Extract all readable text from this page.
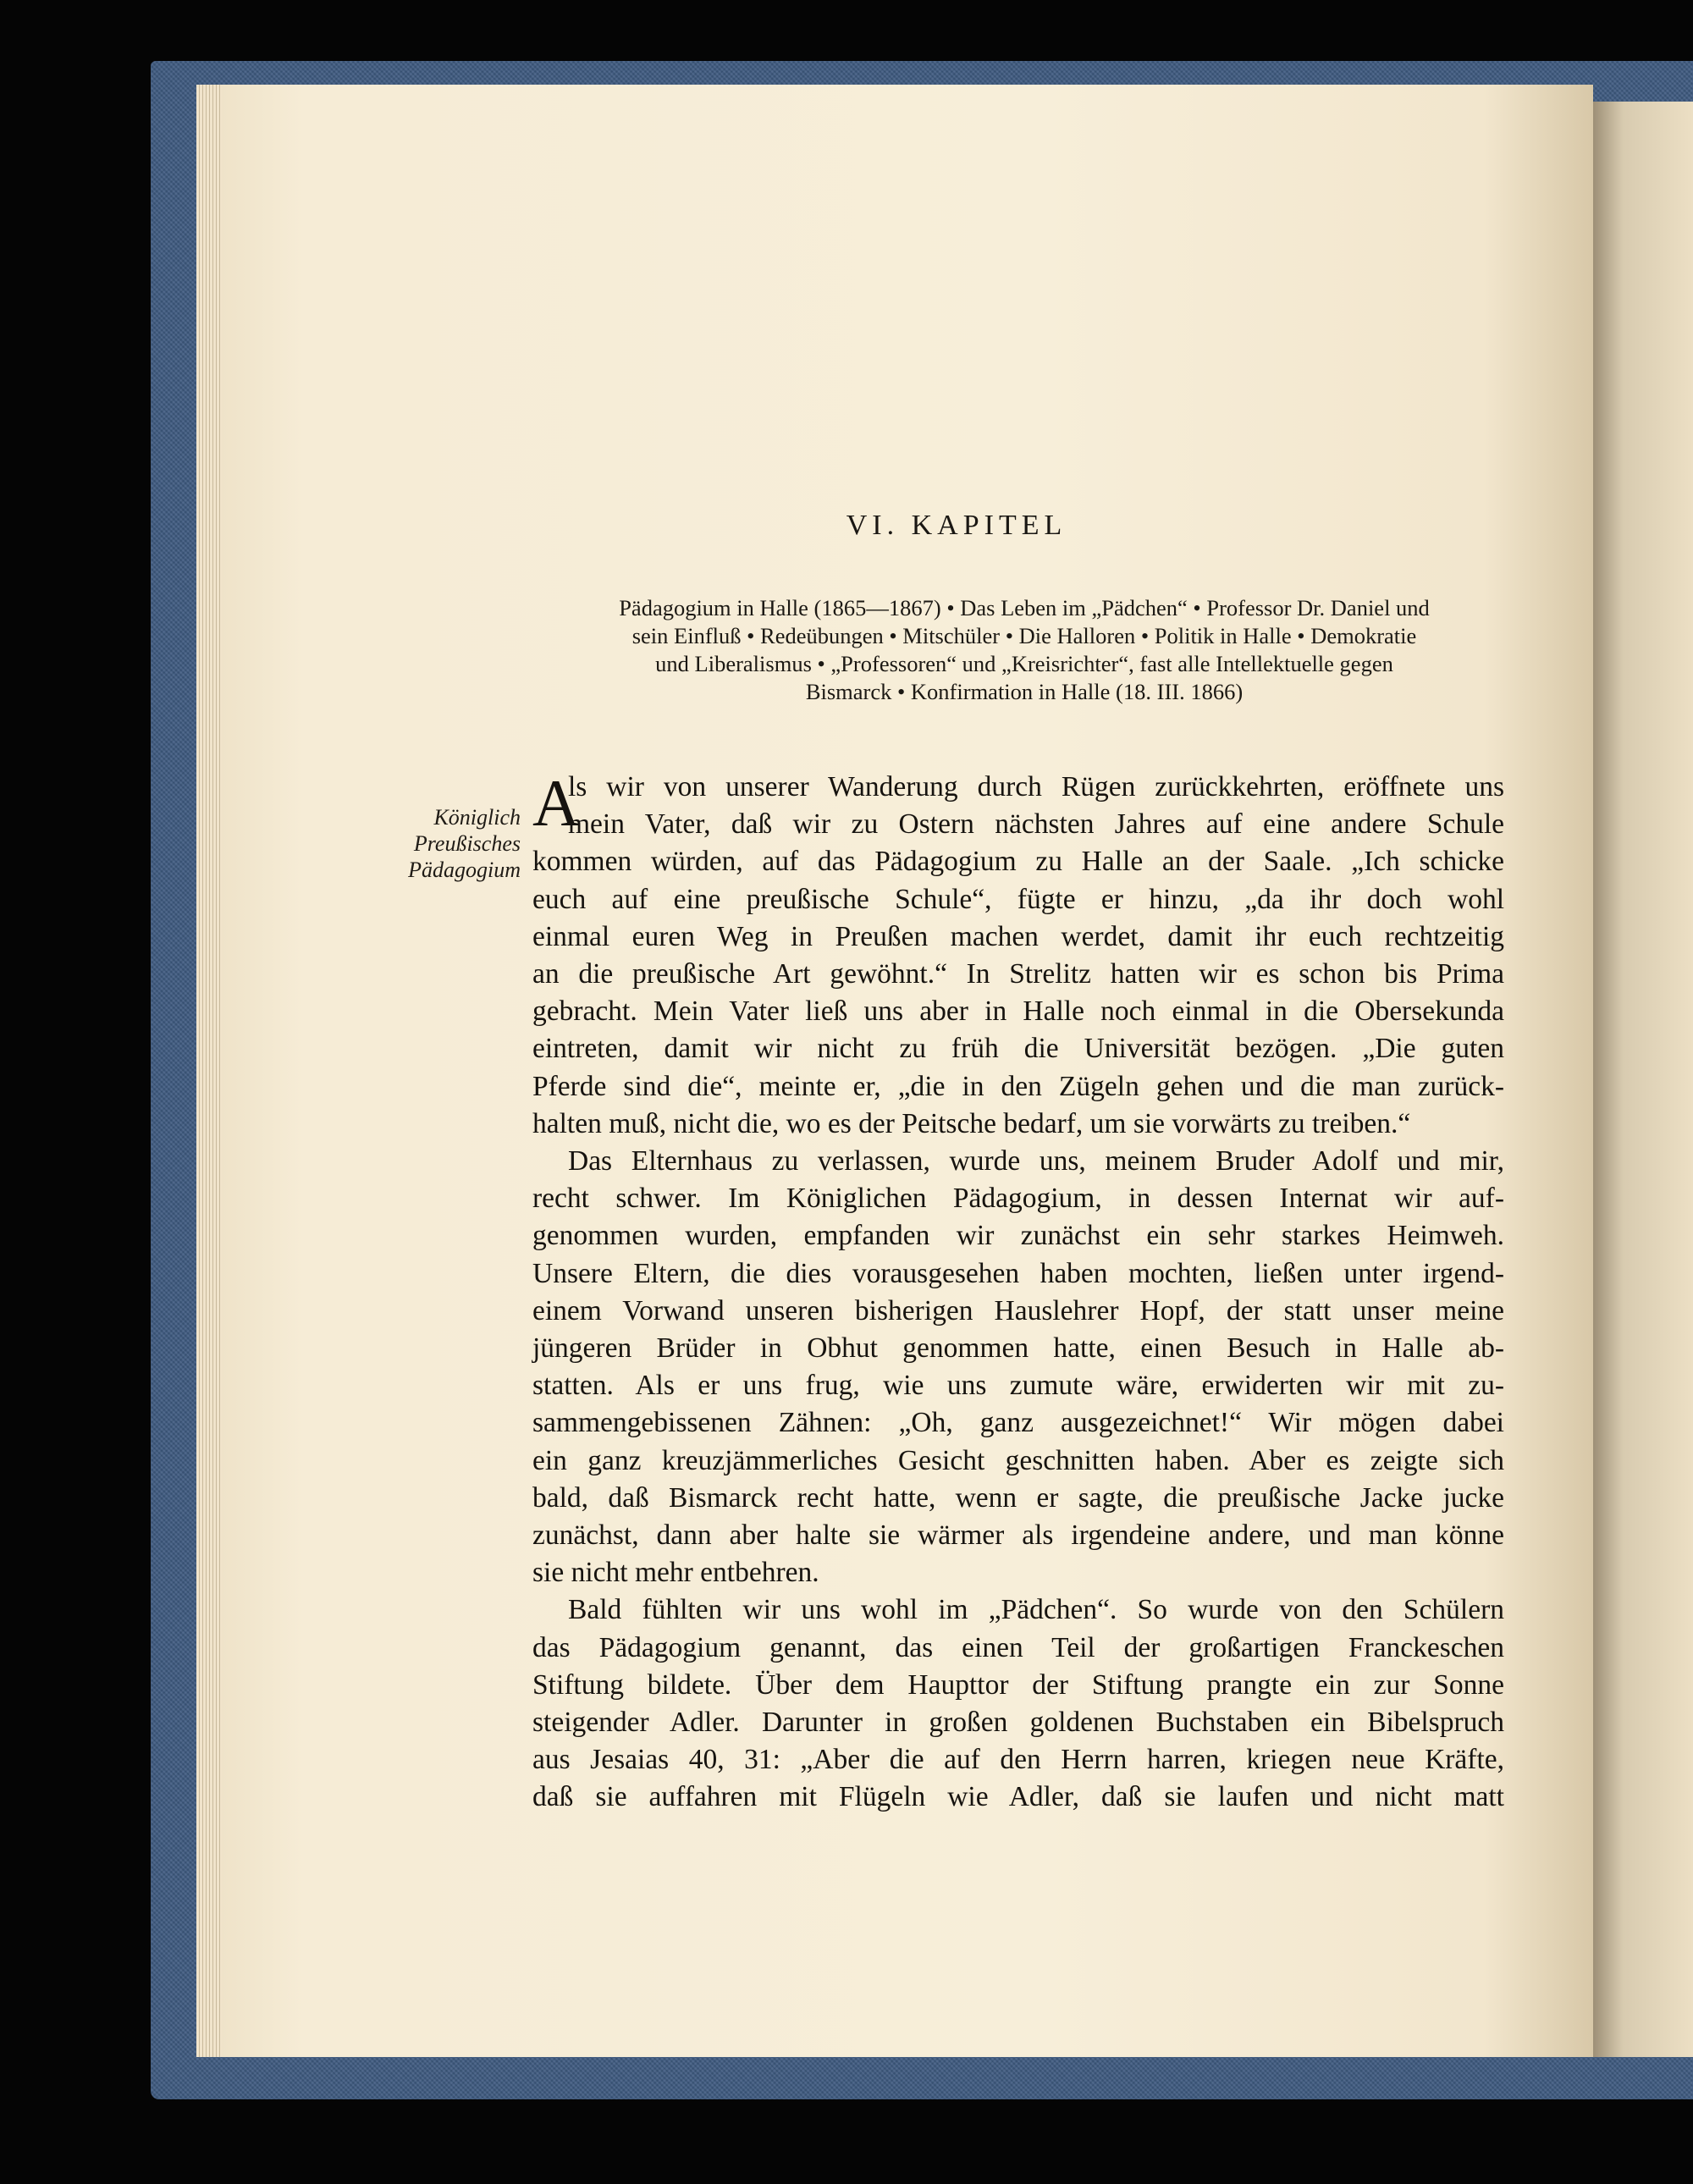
VI. KAPITEL
Pädagogium in Halle (1865—1867) • Das Leben im „Pädchen“ • Professor Dr. Daniel und
sein Einfluß • Redeübungen • Mitschüler • Die Halloren • Politik in Halle • Demokratie
und Liberalismus • „Professoren“ und „Kreisrichter“, fast alle Intellektuelle gegen
Bismarck • Konfirmation in Halle (18. III. 1866)
Königlich
Preußisches
Pädagogium
A
ls wir von unserer Wanderung durch Rügen zurückkehrten, eröffnete uns
mein Vater, daß wir zu Ostern nächsten Jahres auf eine andere Schule
kommen würden, auf das Pädagogium zu Halle an der Saale. „Ich schicke
euch auf eine preußische Schule“, fügte er hinzu, „da ihr doch wohl
einmal euren Weg in Preußen machen werdet, damit ihr euch rechtzeitig
an die preußische Art gewöhnt.“ In Strelitz hatten wir es schon bis Prima
gebracht. Mein Vater ließ uns aber in Halle noch einmal in die Obersekunda
eintreten, damit wir nicht zu früh die Universität bezögen. „Die guten
Pferde sind die“, meinte er, „die in den Zügeln gehen und die man zurück-
halten muß, nicht die, wo es der Peitsche bedarf, um sie vorwärts zu treiben.“
Das Elternhaus zu verlassen, wurde uns, meinem Bruder Adolf und mir,
recht schwer. Im Königlichen Pädagogium, in dessen Internat wir auf-
genommen wurden, empfanden wir zunächst ein sehr starkes Heimweh.
Unsere Eltern, die dies vorausgesehen haben mochten, ließen unter irgend-
einem Vorwand unseren bisherigen Hauslehrer Hopf, der statt unser meine
jüngeren Brüder in Obhut genommen hatte, einen Besuch in Halle ab-
statten. Als er uns frug, wie uns zumute wäre, erwiderten wir mit zu-
sammengebissenen Zähnen: „Oh, ganz ausgezeichnet!“ Wir mögen dabei
ein ganz kreuzjämmerliches Gesicht geschnitten haben. Aber es zeigte sich
bald, daß Bismarck recht hatte, wenn er sagte, die preußische Jacke jucke
zunächst, dann aber halte sie wärmer als irgendeine andere, und man könne
sie nicht mehr entbehren.
Bald fühlten wir uns wohl im „Pädchen“. So wurde von den Schülern
das Pädagogium genannt, das einen Teil der großartigen Franckeschen
Stiftung bildete. Über dem Haupttor der Stiftung prangte ein zur Sonne
steigender Adler. Darunter in großen goldenen Buchstaben ein Bibelspruch
aus Jesaias 40, 31: „Aber die auf den Herrn harren, kriegen neue Kräfte,
daß sie auffahren mit Flügeln wie Adler, daß sie laufen und nicht matt
